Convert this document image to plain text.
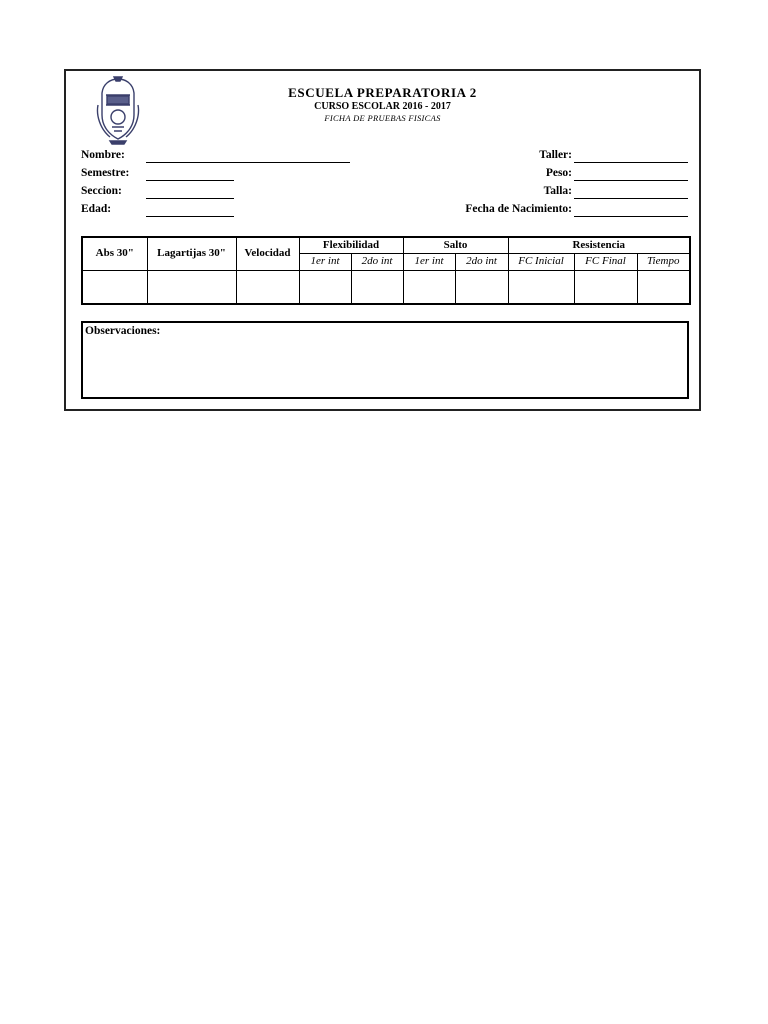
ESCUELA PREPARATORIA 2
CURSO ESCOLAR 2016 - 2017
FICHA DE PRUEBAS FISICAS
Nombre:
Semestre:
Seccion:
Edad:
Taller:
Peso:
Talla:
Fecha de Nacimiento:
Abs 30"	Lagartijas 30"	Velocidad	Flexibilidad		Salto		Resistencia		
			1er int	2do int	1er int	2do int	FC Inicial	FC Final	Tiempo

Observaciones:
